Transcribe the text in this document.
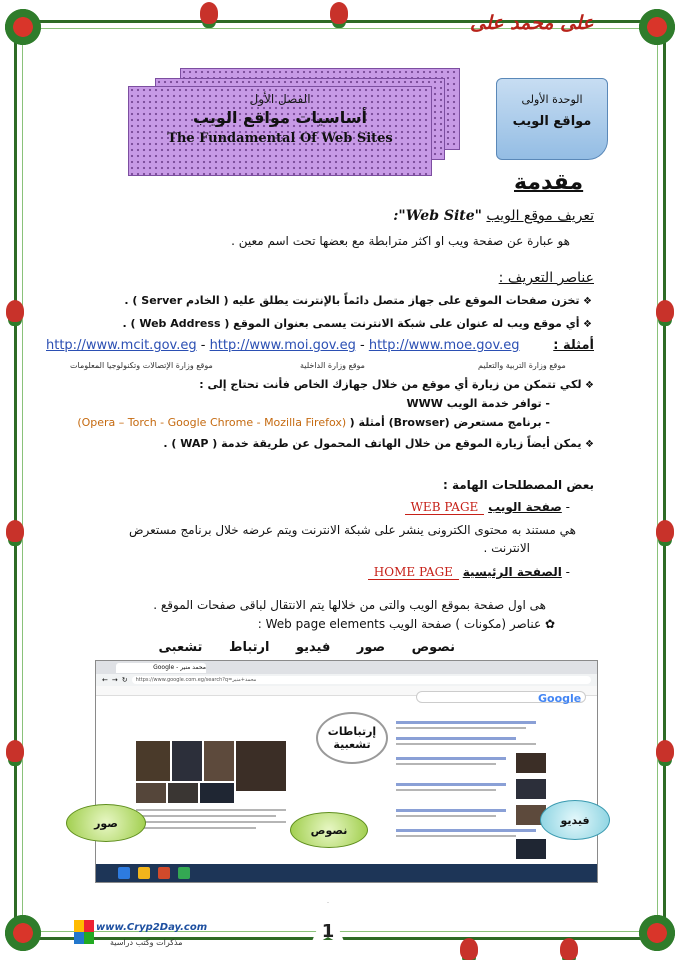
على محمد على
الفصل الأول
أساسيات مواقع الويب
The Fundamental Of Web Sites
الوحدة الأولى
مواقع الويب
مقدمة
تعريف موقع الويب "Web Site":
هو عبارة عن صفحة ويب او اكثر مترابطة مع بعضها تحت اسم معين .
عناصر التعريف :
❖ تخزن صفحات الموقع على جهاز متصل دائماً بالإنترنت يطلق عليه ( الخادم Server ) .
❖ أي موقع ويب له عنوان على شبكة الانترنت يسمى بعنوان الموقع ( Web Address ) .
http://www.mcit.gov.eg - http://www.moi.gov.eg - http://www.moe.gov.eg	أمثلة :
موقع وزارة الإتصالات وتكنولوجيا المعلومات	موقع وزارة الداخلية	موقع وزارة التربية والتعليم
❖ لكي تتمكن من زيارة أي موقع من خلال جهازك الخاص فأنت تحتاج إلى :
- توافر خدمة الويب WWW
(Opera – Torch - Google Chrome - Mozilla Firefox) - برنامج مستعرض (Browser) أمثلة (
❖ يمكن أيضاً زيارة الموقع من خلال الهاتف المحمول عن طريقة خدمة ( WAP ) .
بعض المصطلحات الهامة :
WEB PAGE صفحة الويب -
هي مستند به محتوى الكترونى ينشر على شبكة الانترنت ويتم عرضه خلال برنامج مستعرض
الانترنت .
HOME PAGE الصفحة الرئيسية -
هى اول صفحة بموقع الويب والتى من خلالها يتم الانتقال لباقى صفحات الموقع .
✿ عناصر (مكونات ) صفحة الويب Web page elements :
نصوص صور فيديو ارتباط تشعبى
محمد منير - Google
← → ↻	https://www.google.com.eg/search?q=محمد+منير
Google
إرتباطات تشعبية
صور
نصوص
فيديو
1
www.Cryp2Day.com
مذكرات وكتب دراسية
